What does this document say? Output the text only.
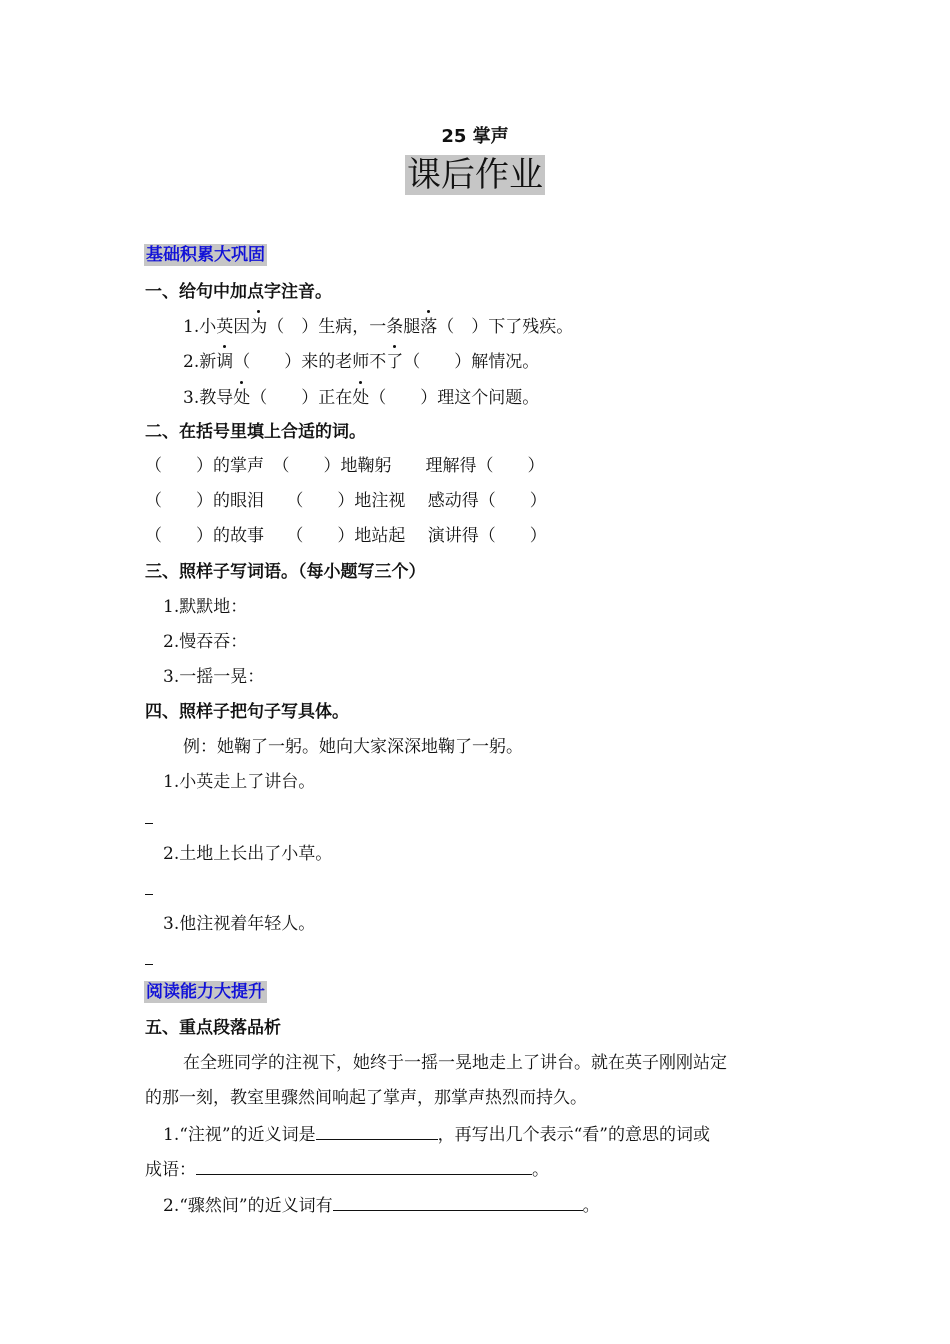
25 掌声
课后作业
基础积累大巩固
一、给句中加点字注音。
1.小英因为（　）生病，一条腿落（　）下了残疾。
2.新调（　　）来的老师不了（　　）解情况。
3.教导处（　　）正在处（　　）理这个问题。
二、在括号里填上合适的词。
（　　）的掌声　（　　）地鞠躬　　理解得（　　）
（　　）的眼泪　 （　　）地注视　 感动得（　　）
（　　）的故事　 （　　）地站起　 演讲得（　　）
三、照样子写词语。（每小题写三个）
1.默默地：
2.慢吞吞：
3.一摇一晃：
四、照样子把句子写具体。
例：她鞠了一躬。她向大家深深地鞠了一躬。
1.小英走上了讲台。
2.土地上长出了小草。
3.他注视着年轻人。
阅读能力大提升
五、重点段落品析
在全班同学的注视下，她终于一摇一晃地走上了讲台。就在英子刚刚站定
的那一刻，教室里骤然间响起了掌声，那掌声热烈而持久。
1.“注视”的近义词是	，再写出几个表示“看”的意思的词或
成语：	。
2.“骤然间”的近义词有	。
